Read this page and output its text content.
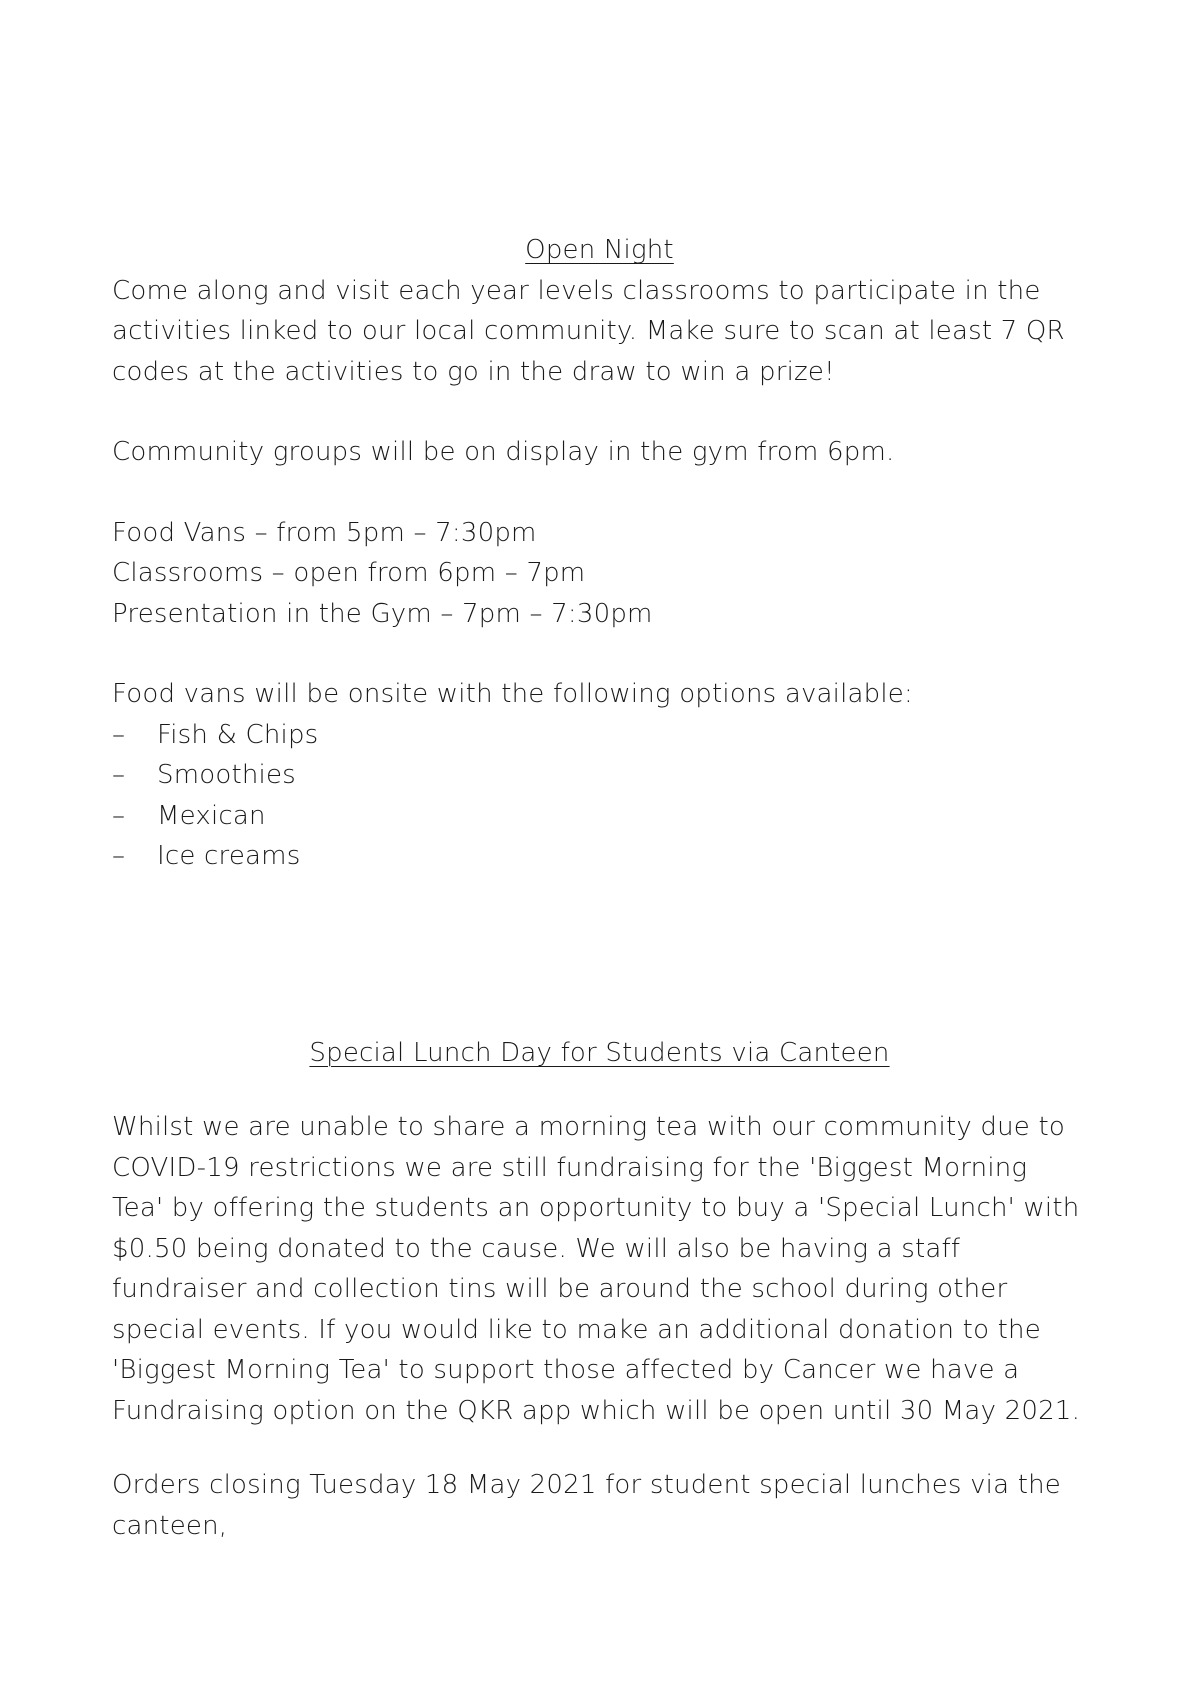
Open Night

Come along and visit each year levels classrooms to participate in the activities linked to our local community. Make sure to scan at least 7 QR codes at the activities to go in the draw to win a prize!

Community groups will be on display in the gym from 6pm.

Food Vans – from 5pm – 7:30pm

Classrooms – open from 6pm – 7pm

Presentation in the Gym – 7pm – 7:30pm

Food vans will be onsite with the following options available:

– Fish & Chips
– Smoothies
– Mexican
– Ice creams

Special Lunch Day for Students via Canteen

Whilst we are unable to share a morning tea with our community due to COVID-19 restrictions we are still fundraising for the 'Biggest Morning Tea' by offering the students an opportunity to buy a 'Special Lunch' with $0.50 being donated to the cause. We will also be having a staff fundraiser and collection tins will be around the school during other special events. If you would like to make an additional donation to the 'Biggest Morning Tea' to support those affected by Cancer we have a Fundraising option on the QKR app which will be open until 30 May 2021.

Orders closing Tuesday 18 May 2021 for student special lunches via the canteen,
